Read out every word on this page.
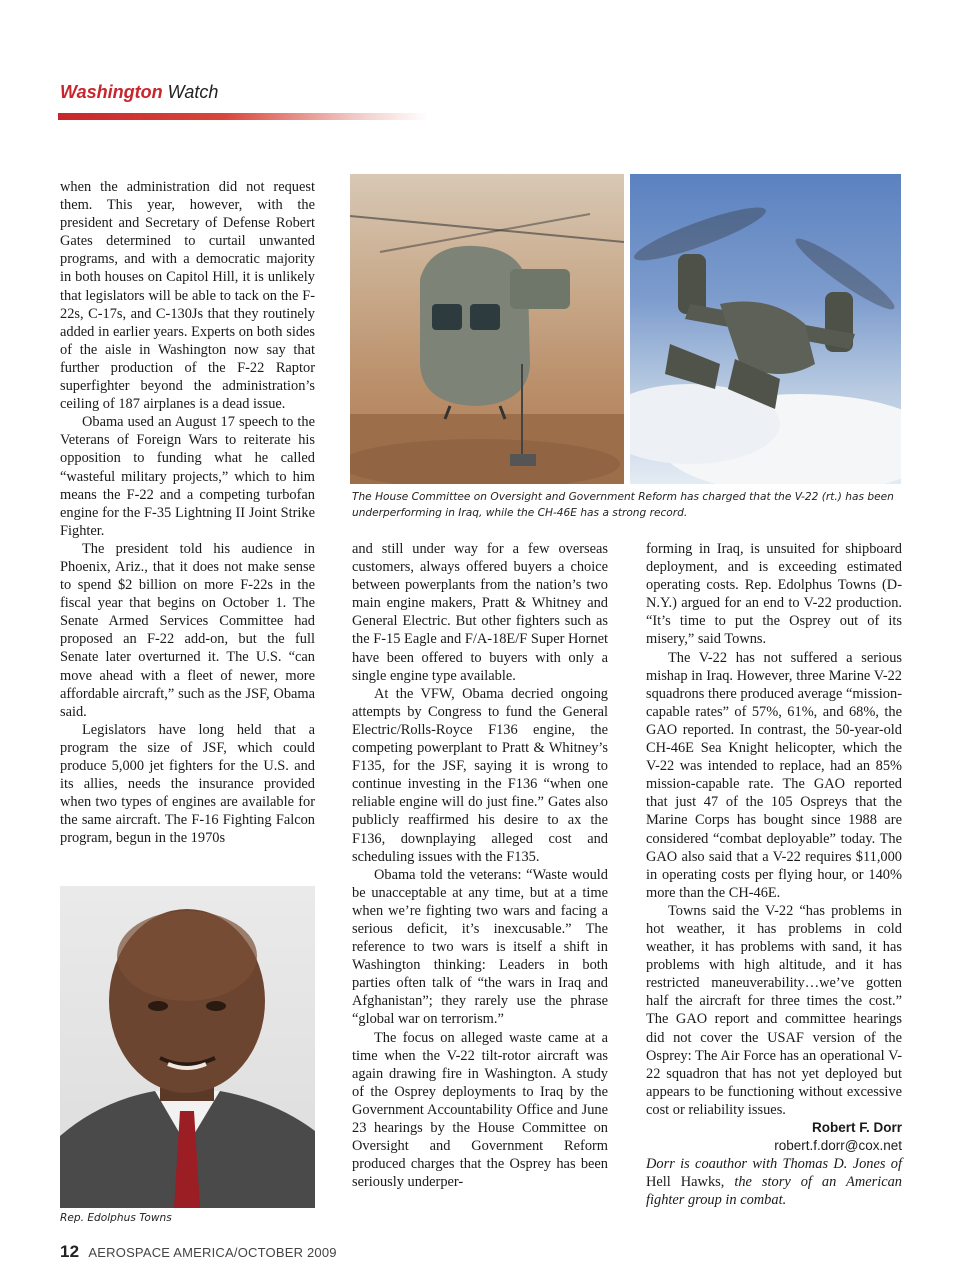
Washington Watch

when the administration did not request them. This year, however, with the president and Secretary of Defense Robert Gates determined to curtail unwanted programs, and with a democratic majority in both houses on Capitol Hill, it is unlikely that legislators will be able to tack on the F-22s, C-17s, and C-130Js that they routinely added in earlier years. Experts on both sides of the aisle in Washington now say that further production of the F-22 Raptor superfighter beyond the administration’s ceiling of 187 airplanes is a dead issue.

Obama used an August 17 speech to the Veterans of Foreign Wars to reiterate his opposition to funding what he called “wasteful military projects,” which to him means the F-22 and a competing turbofan engine for the F-35 Lightning II Joint Strike Fighter.

The president told his audience in Phoenix, Ariz., that it does not make sense to spend $2 billion on more F-22s in the fiscal year that begins on October 1. The Senate Armed Services Committee had proposed an F-22 add-on, but the full Senate later overturned it. The U.S. “can move ahead with a fleet of newer, more affordable aircraft,” such as the JSF, Obama said.

Legislators have long held that a program the size of JSF, which could produce 5,000 jet fighters for the U.S. and its allies, needs the insurance provided when two types of engines are available for the same aircraft. The F-16 Fighting Falcon program, begun in the 1970s

The House Committee on Oversight and Government Reform has charged that the V-22 (rt.) has been underperforming in Iraq, while the CH-46E has a strong record.

and still under way for a few overseas customers, always offered buyers a choice between powerplants from the nation’s two main engine makers, Pratt & Whitney and General Electric. But other fighters such as the F-15 Eagle and F/A-18E/F Super Hornet have been offered to buyers with only a single engine type available.

At the VFW, Obama decried ongoing attempts by Congress to fund the General Electric/Rolls-Royce F136 engine, the competing powerplant to Pratt & Whitney’s F135, for the JSF, saying it is wrong to continue investing in the F136 “when one reliable engine will do just fine.” Gates also publicly reaffirmed his desire to ax the F136, downplaying alleged cost and scheduling issues with the F135.

Obama told the veterans: “Waste would be unacceptable at any time, but at a time when we’re fighting two wars and facing a serious deficit, it’s inexcusable.” The reference to two wars is itself a shift in Washington thinking: Leaders in both parties often talk of “the wars in Iraq and Afghanistan”; they rarely use the phrase “global war on terrorism.”

The focus on alleged waste came at a time when the V-22 tilt-rotor aircraft was again drawing fire in Washington. A study of the Osprey deployments to Iraq by the Government Accountability Office and June 23 hearings by the House Committee on Oversight and Government Reform produced charges that the Osprey has been seriously underper-

forming in Iraq, is unsuited for shipboard deployment, and is exceeding estimated operating costs. Rep. Edolphus Towns (D-N.Y.) argued for an end to V-22 production. “It’s time to put the Osprey out of its misery,” said Towns.

The V-22 has not suffered a serious mishap in Iraq. However, three Marine V-22 squadrons there produced average “mission-capable rates” of 57%, 61%, and 68%, the GAO reported. In contrast, the 50-year-old CH-46E Sea Knight helicopter, which the V-22 was intended to replace, had an 85% mission-capable rate. The GAO reported that just 47 of the 105 Ospreys that the Marine Corps has bought since 1988 are considered “combat deployable” today. The GAO also said that a V-22 requires $11,000 in operating costs per flying hour, or 140% more than the CH-46E.

Towns said the V-22 “has problems in hot weather, it has problems in cold weather, it has problems with sand, it has problems with high altitude, and it has restricted maneuverability…we’ve gotten half the aircraft for three times the cost.” The GAO report and committee hearings did not cover the USAF version of the Osprey: The Air Force has an operational V-22 squadron that has not yet deployed but appears to be functioning without excessive cost or reliability issues.

Robert F. Dorr
robert.f.dorr@cox.net
Dorr is coauthor with Thomas D. Jones of Hell Hawks, the story of an American fighter group in combat.
Rep. Edolphus Towns
12 AEROSPACE AMERICA/OCTOBER 2009
